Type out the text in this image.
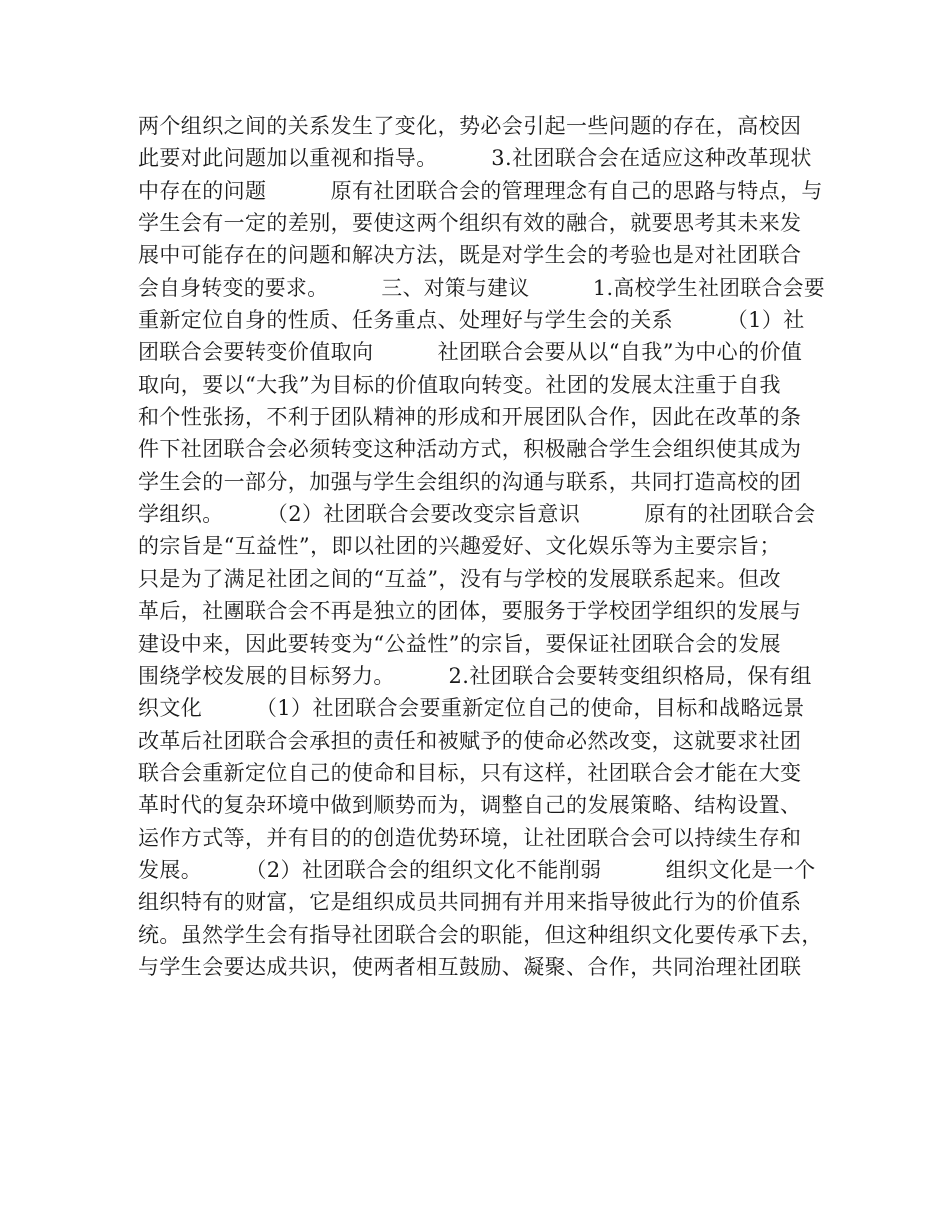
两个组织之间的关系发生了变化，势必会引起一些问题的存在，高校因
此要对此问题加以重视和指导。　　　3.社团联合会在适应这种改革现状
中存在的问题　　　原有社团联合会的管理理念有自己的思路与特点，与
学生会有一定的差别，要使这两个组织有效的融合，就要思考其未来发
展中可能存在的问题和解决方法，既是对学生会的考验也是对社团联合
会自身转变的要求。　　　三、对策与建议　　　1.高校学生社团联合会要
重新定位自身的性质、任务重点、处理好与学生会的关系　　　（1）社
团联合会要转变价值取向　　　社团联合会要从以“自我”为中心的价值
取向，要以“大我”为目标的价值取向转变。社团的发展太注重于自我
和个性张扬，不利于团队精神的形成和开展团队合作，因此在改革的条
件下社团联合会必须转变这种活动方式，积极融合学生会组织使其成为
学生会的一部分，加强与学生会组织的沟通与联系，共同打造高校的团
学组织。　　　（2）社团联合会要改变宗旨意识　　　原有的社团联合会
的宗旨是“互益性”，即以社团的兴趣爱好、文化娱乐等为主要宗旨；
只是为了满足社团之间的“互益”，没有与学校的发展联系起来。但改
革后，社團联合会不再是独立的团体，要服务于学校团学组织的发展与
建设中来，因此要转变为“公益性”的宗旨，要保证社团联合会的发展
围绕学校发展的目标努力。　　　2.社团联合会要转变组织格局，保有组
织文化　　　（1）社团联合会要重新定位自己的使命，目标和战略远景
改革后社团联合会承担的责任和被赋予的使命必然改变，这就要求社团
联合会重新定位自己的使命和目标，只有这样，社团联合会才能在大变
革时代的复杂环境中做到顺势而为，调整自己的发展策略、结构设置、
运作方式等，并有目的的创造优势环境，让社团联合会可以持续生存和
发展。　　　（2）社团联合会的组织文化不能削弱　　　组织文化是一个
组织特有的财富，它是组织成员共同拥有并用来指导彼此行为的价值系
统。虽然学生会有指导社团联合会的职能，但这种组织文化要传承下去，
与学生会要达成共识，使两者相互鼓励、凝聚、合作，共同治理社团联
